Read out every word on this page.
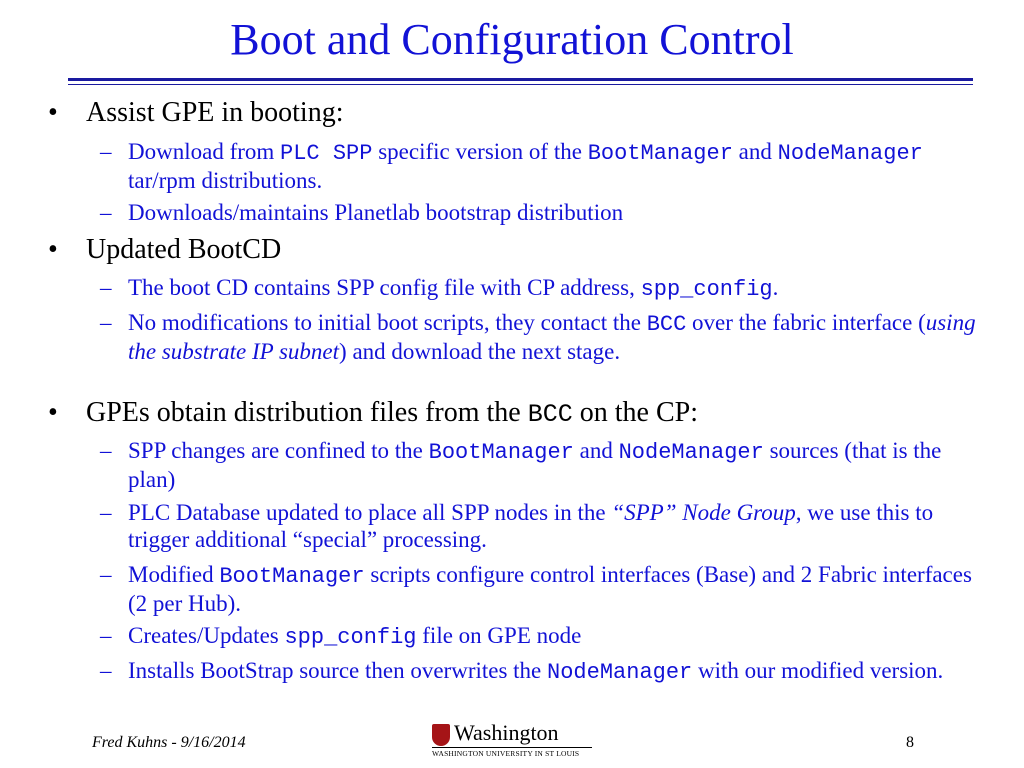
Boot and Configuration Control
• Assist GPE in booting:
– Download from PLC SPP specific version of the BootManager and NodeManager tar/rpm distributions.
– Downloads/maintains Planetlab bootstrap distribution
• Updated BootCD
– The boot CD contains SPP config file with CP address, spp_config.
– No modifications to initial boot scripts, they contact the BCC over the fabric interface (using the substrate IP subnet) and download the next stage.
• GPEs obtain distribution files from the BCC on the CP:
– SPP changes are confined to the BootManager and NodeManager sources (that is the plan)
– PLC Database updated to place all SPP nodes in the “SPP” Node Group, we use this to trigger additional “special” processing.
– Modified BootManager scripts configure control interfaces (Base) and 2 Fabric interfaces (2 per Hub).
– Creates/Updates spp_config file on GPE node
– Installs BootStrap source then overwrites the NodeManager with our modified version.
Fred Kuhns - 9/16/2014	Washington
WASHINGTON UNIVERSITY IN ST LOUIS
8
